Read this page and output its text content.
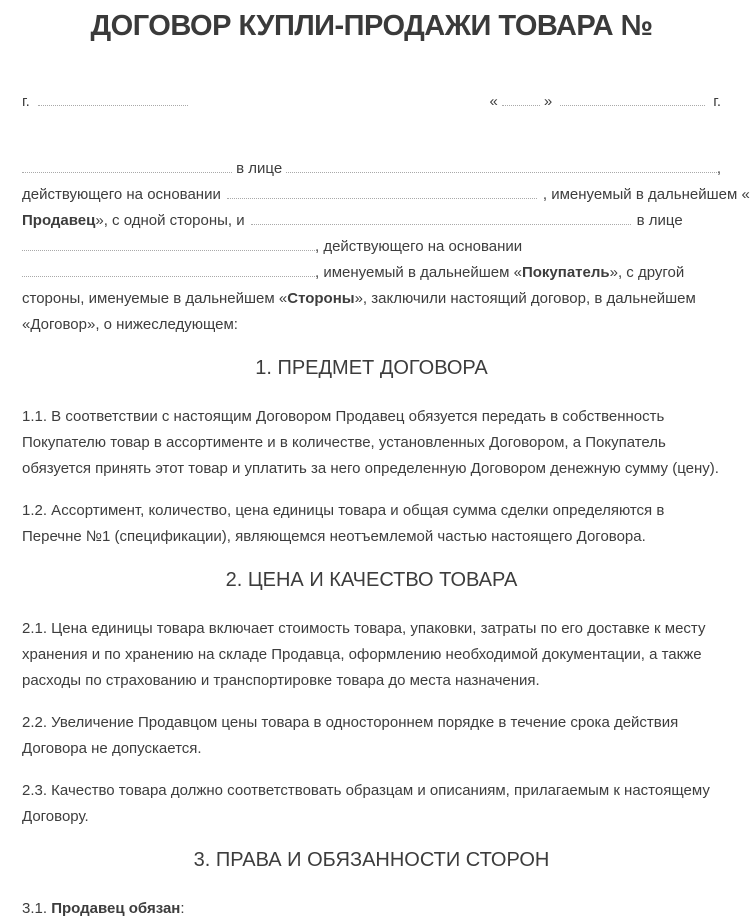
ДОГОВОР КУПЛИ-ПРОДАЖИ ТОВАРА №
г.	«	»	г.
в лице	,
действующего на основании	, именуемый в дальнейшем «
Продавец », с одной стороны, и	в лице
, действующего на основании
, именуемый в дальнейшем « Покупатель », с другой
стороны, именуемые в дальнейшем «Стороны», заключили настоящий договор, в дальнейшем
«Договор», о нижеследующем:
1. ПРЕДМЕТ ДОГОВОРА

1.1. В соответствии с настоящим Договором Продавец обязуется передать в собственность Покупателю товар в ассортименте и в количестве, установленных Договором, а Покупатель обязуется принять этот товар и уплатить за него определенную Договором денежную сумму (цену).

1.2. Ассортимент, количество, цена единицы товара и общая сумма сделки определяются в Перечне №1 (спецификации), являющемся неотъемлемой частью настоящего Договора.

2. ЦЕНА И КАЧЕСТВО ТОВАРА

2.1. Цена единицы товара включает стоимость товара, упаковки, затраты по его доставке к месту хранения и по хранению на складе Продавца, оформлению необходимой документации, а также расходы по страхованию и транспортировке товара до места назначения.

2.2. Увеличение Продавцом цены товара в одностороннем порядке в течение срока действия Договора не допускается.

2.3. Качество товара должно соответствовать образцам и описаниям, прилагаемым к настоящему Договору.

3. ПРАВА И ОБЯЗАННОСТИ СТОРОН
3.1. Продавец обязан:
